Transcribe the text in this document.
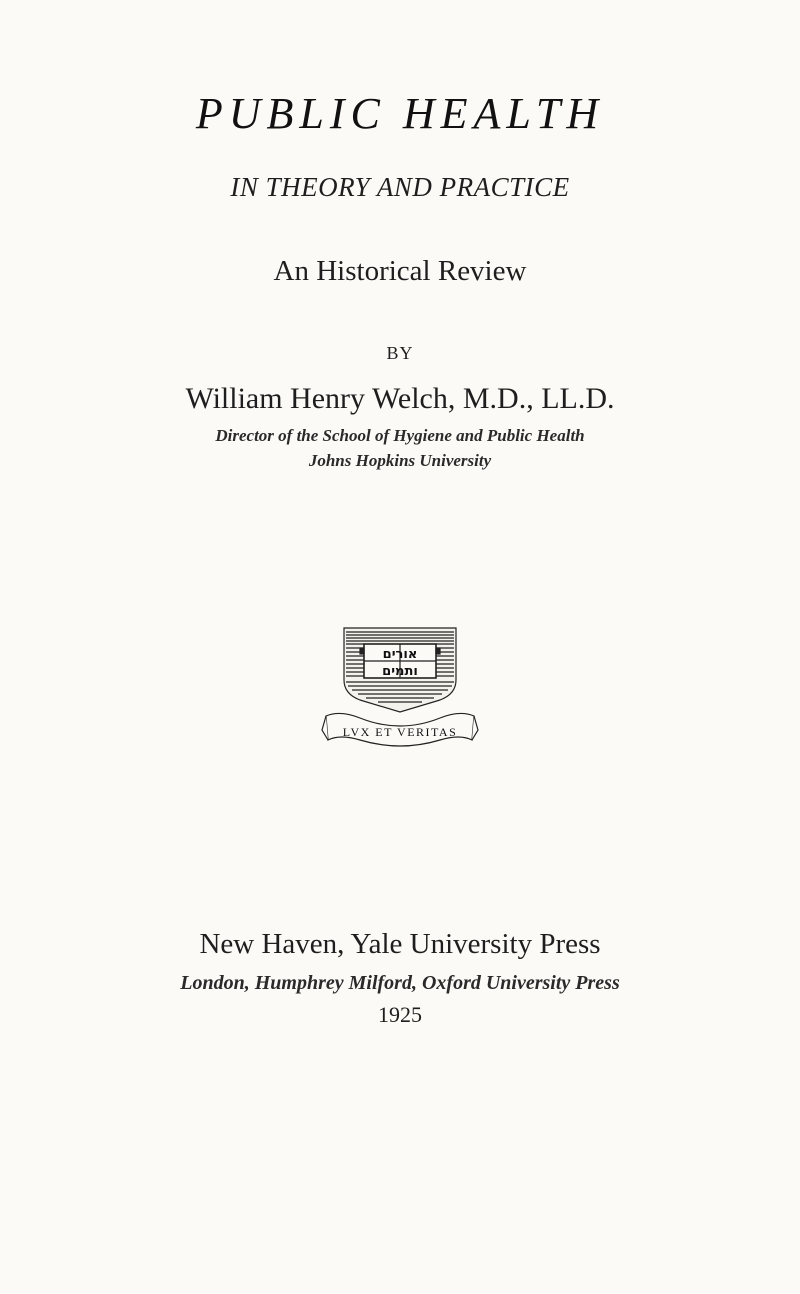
PUBLIC HEALTH
IN THEORY AND PRACTICE
An Historical Review
BY
William Henry Welch, M.D., LL.D.
Director of the School of Hygiene and Public Health
Johns Hopkins University
אורים
ותמים
LVX ET VERITAS
New Haven, Yale University Press
London, Humphrey Milford, Oxford University Press
1925
